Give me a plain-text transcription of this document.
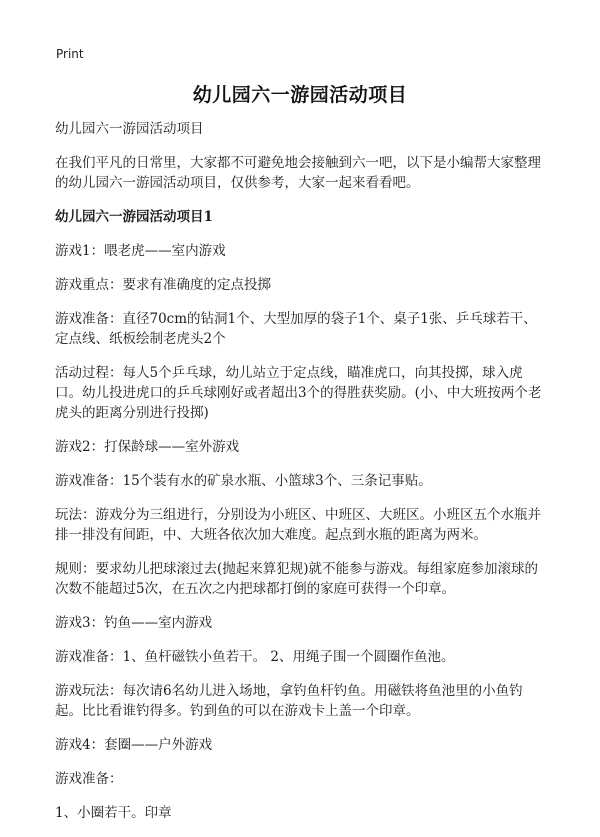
Print
幼儿园六一游园活动项目

幼儿园六一游园活动项目

在我们平凡的日常里，大家都不可避免地会接触到六一吧，以下是小编帮大家整理的幼儿园六一游园活动项目，仅供参考，大家一起来看看吧。

幼儿园六一游园活动项目1

游戏1：喂老虎——室内游戏

游戏重点：要求有准确度的定点投掷

游戏准备：直径70cm的钻洞1个、大型加厚的袋子1个、桌子1张、乒乓球若干、定点线、纸板绘制老虎头2个

活动过程：每人5个乒乓球，幼儿站立于定点线，瞄准虎口，向其投掷，球入虎口。幼儿投进虎口的乒乓球刚好或者超出3个的得胜获奖励。(小、中大班按两个老虎头的距离分别进行投掷)

游戏2：打保龄球——室外游戏

游戏准备：15个装有水的矿泉水瓶、小篮球3个、三条记事贴。

玩法：游戏分为三组进行，分别设为小班区、中班区、大班区。小班区五个水瓶并排一排没有间距，中、大班各依次加大难度。起点到水瓶的距离为两米。

规则：要求幼儿把球滚过去(抛起来算犯规)就不能参与游戏。每组家庭参加滚球的次数不能超过5次，在五次之内把球都打倒的家庭可获得一个印章。

游戏3：钓鱼——室内游戏

游戏准备：1、鱼杆磁铁小鱼若干。 2、用绳子围一个圆圈作鱼池。

游戏玩法：每次请6名幼儿进入场地，拿钓鱼杆钓鱼。用磁铁将鱼池里的小鱼钓起。比比看谁钓得多。钓到鱼的可以在游戏卡上盖一个印章。

游戏4：套圈——户外游戏

游戏准备：

1、小圈若干。印章
